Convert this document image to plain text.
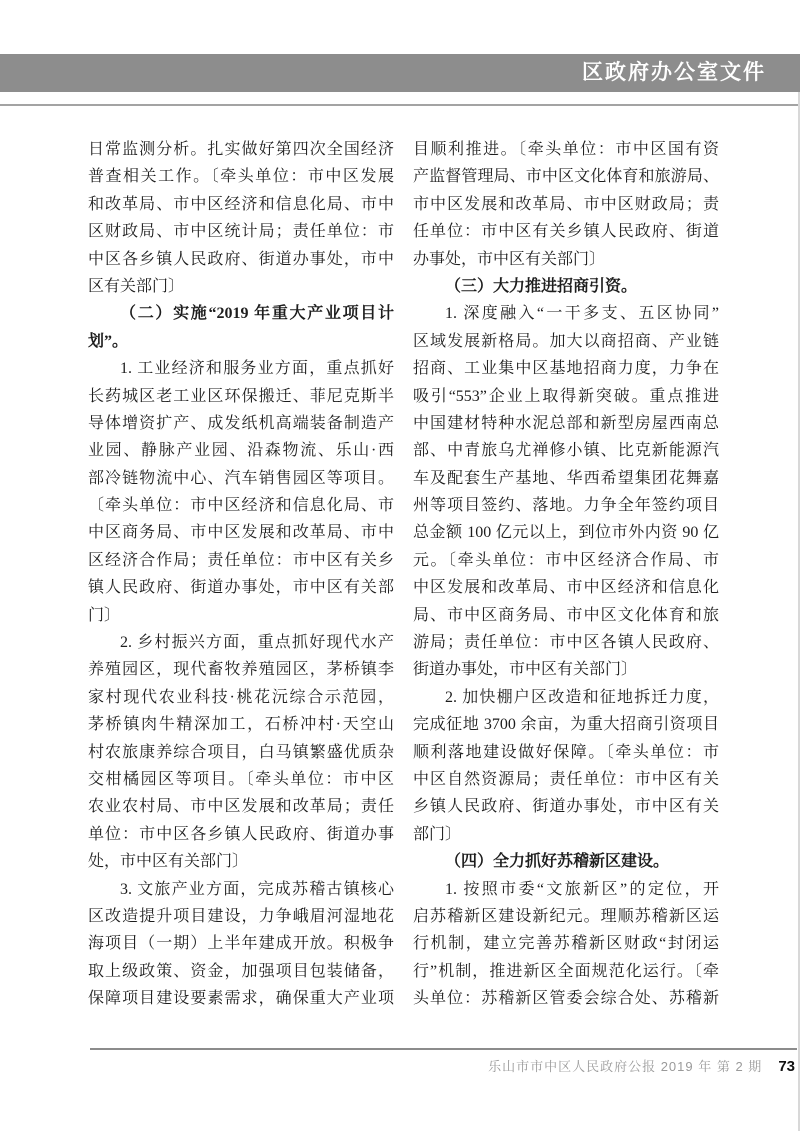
区政府办公室文件
日常监测分析。扎实做好第四次全国经济
普查相关工作。〔牵头单位：市中区发展
和改革局、市中区经济和信息化局、市中
区财政局、市中区统计局；责任单位：市
中区各乡镇人民政府、街道办事处，市中
区有关部门〕
（二）实施“2019 年重大产业项目计
划”。
1. 工业经济和服务业方面，重点抓好
长药城区老工业区环保搬迁、菲尼克斯半
导体增资扩产、成发纸机高端装备制造产
业园、静脉产业园、沿森物流、乐山·西
部冷链物流中心、汽车销售园区等项目。
〔牵头单位：市中区经济和信息化局、市
中区商务局、市中区发展和改革局、市中
区经济合作局；责任单位：市中区有关乡
镇人民政府、街道办事处，市中区有关部
门〕
2. 乡村振兴方面，重点抓好现代水产
养殖园区，现代畜牧养殖园区，茅桥镇李
家村现代农业科技·桃花沅综合示范园，
茅桥镇肉牛精深加工，石桥冲村·天空山
村农旅康养综合项目，白马镇繁盛优质杂
交柑橘园区等项目。〔牵头单位：市中区
农业农村局、市中区发展和改革局；责任
单位：市中区各乡镇人民政府、街道办事
处，市中区有关部门〕
3. 文旅产业方面，完成苏稽古镇核心
区改造提升项目建设，力争峨眉河湿地花
海项目（一期）上半年建成开放。积极争
取上级政策、资金，加强项目包装储备，
保障项目建设要素需求，确保重大产业项
目顺利推进。〔牵头单位：市中区国有资
产监督管理局、市中区文化体育和旅游局、
市中区发展和改革局、市中区财政局；责
任单位：市中区有关乡镇人民政府、街道
办事处，市中区有关部门〕
（三）大力推进招商引资。
1. 深度融入“一干多支、五区协同”
区域发展新格局。加大以商招商、产业链
招商、工业集中区基地招商力度，力争在
吸引“553”企业上取得新突破。重点推进
中国建材特种水泥总部和新型房屋西南总
部、中青旅乌尤禅修小镇、比克新能源汽
车及配套生产基地、华西希望集团花舞嘉
州等项目签约、落地。力争全年签约项目
总金额 100 亿元以上，到位市外内资 90 亿
元。〔牵头单位：市中区经济合作局、市
中区发展和改革局、市中区经济和信息化
局、市中区商务局、市中区文化体育和旅
游局；责任单位：市中区各镇人民政府、
街道办事处，市中区有关部门〕
2. 加快棚户区改造和征地拆迁力度，
完成征地 3700 余亩，为重大招商引资项目
顺利落地建设做好保障。〔牵头单位：市
中区自然资源局；责任单位：市中区有关
乡镇人民政府、街道办事处，市中区有关
部门〕
（四）全力抓好苏稽新区建设。
1. 按照市委“文旅新区”的定位，开
启苏稽新区建设新纪元。理顺苏稽新区运
行机制，建立完善苏稽新区财政“封闭运
行”机制，推进新区全面规范化运行。〔牵
头单位：苏稽新区管委会综合处、苏稽新
乐山市市中区人民政府公报 2019 年 第 2 期 73
